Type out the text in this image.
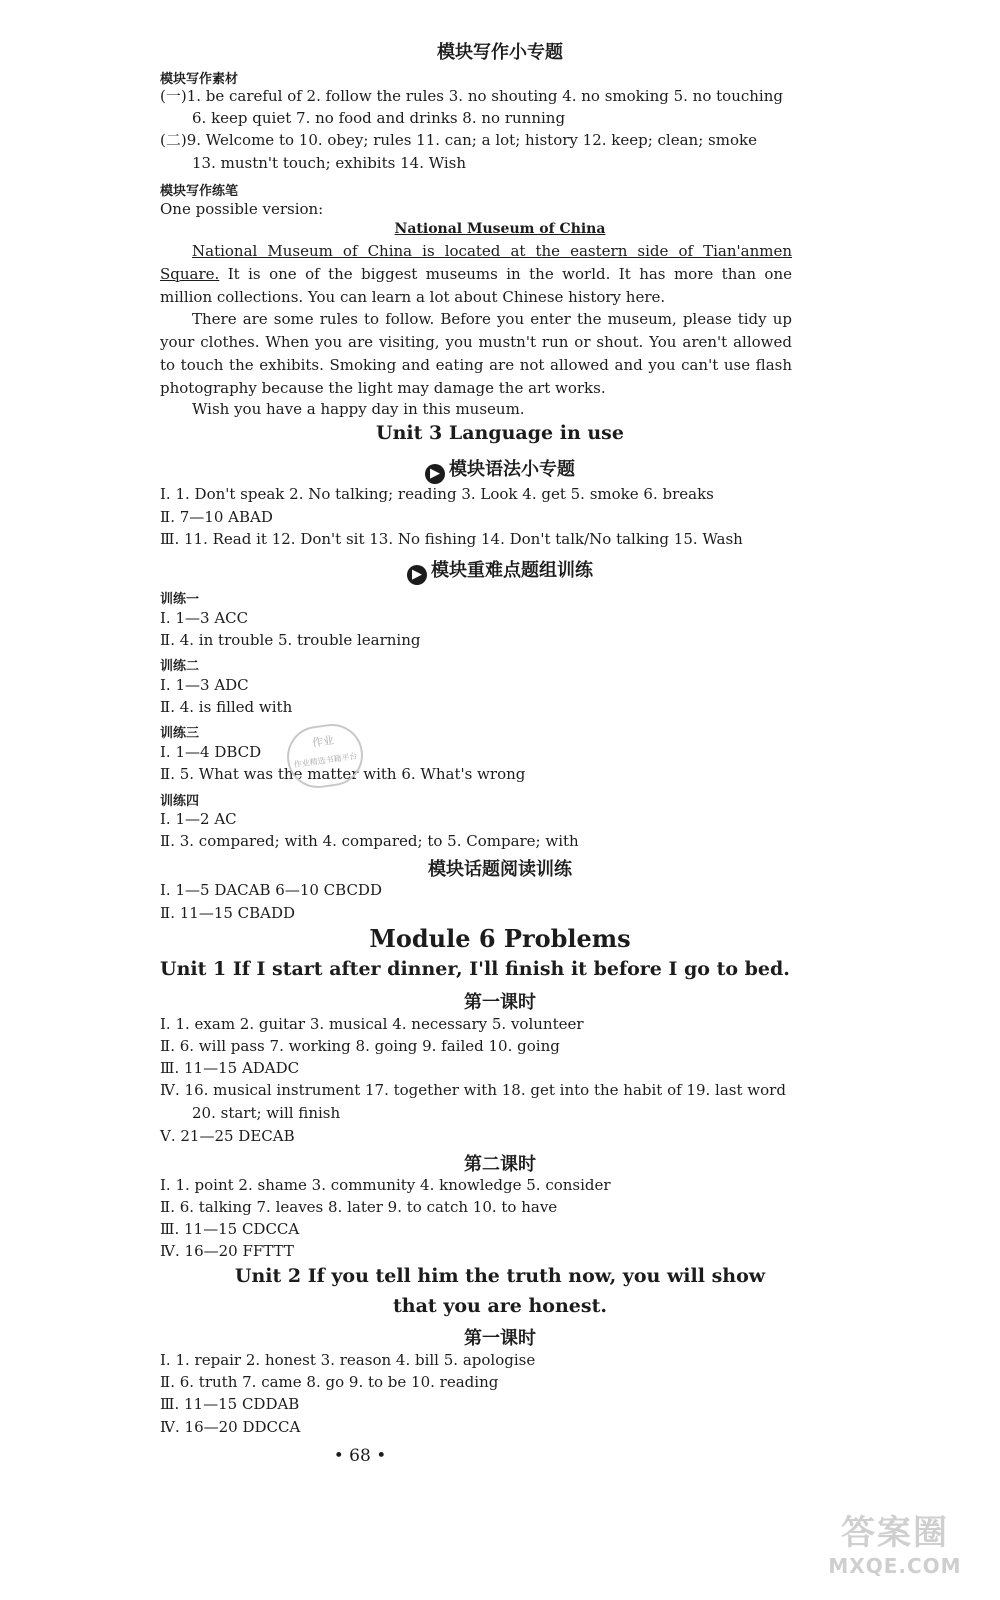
模块写作小专题
模块写作素材
(一)1. be careful of 2. follow the rules 3. no shouting 4. no smoking 5. no touching
6. keep quiet 7. no food and drinks 8. no running
(二)9. Welcome to 10. obey; rules 11. can; a lot; history 12. keep; clean; smoke
13. mustn't touch; exhibits 14. Wish
模块写作练笔
One possible version:
National Museum of China
National Museum of China is located at the eastern side of Tian'anmen Square. It is one of the biggest museums in the world. It has more than one million collections. You can learn a lot about Chinese history here.
There are some rules to follow. Before you enter the museum, please tidy up your clothes. When you are visiting, you mustn't run or shout. You aren't allowed to touch the exhibits. Smoking and eating are not allowed and you can't use flash photography because the light may damage the art works.
Wish you have a happy day in this museum.
Unit 3 Language in use
▶ 模块语法小专题
Ⅰ. 1. Don't speak 2. No talking; reading 3. Look 4. get 5. smoke 6. breaks
Ⅱ. 7—10 ABAD
Ⅲ. 11. Read it 12. Don't sit 13. No fishing 14. Don't talk/No talking 15. Wash
▶ 模块重难点题组训练
训练一
Ⅰ. 1—3 ACC
Ⅱ. 4. in trouble 5. trouble learning
训练二
Ⅰ. 1—3 ADC
Ⅱ. 4. is filled with
训练三
Ⅰ. 1—4 DBCD
Ⅱ. 5. What was the matter with 6. What's wrong
训练四
Ⅰ. 1—2 AC
Ⅱ. 3. compared; with 4. compared; to 5. Compare; with
模块话题阅读训练
Ⅰ. 1—5 DACAB 6—10 CBCDD
Ⅱ. 11—15 CBADD
Module 6 Problems
Unit 1 If I start after dinner, I'll finish it before I go to bed.
第一课时
Ⅰ. 1. exam 2. guitar 3. musical 4. necessary 5. volunteer
Ⅱ. 6. will pass 7. working 8. going 9. failed 10. going
Ⅲ. 11—15 ADADC
Ⅳ. 16. musical instrument 17. together with 18. get into the habit of 19. last word
20. start; will finish
Ⅴ. 21—25 DECAB
第二课时
Ⅰ. 1. point 2. shame 3. community 4. knowledge 5. consider
Ⅱ. 6. talking 7. leaves 8. later 9. to catch 10. to have
Ⅲ. 11—15 CDCCA
Ⅳ. 16—20 FFTTT
Unit 2 If you tell him the truth now, you will show
that you are honest.
第一课时
Ⅰ. 1. repair 2. honest 3. reason 4. bill 5. apologise
Ⅱ. 6. truth 7. came 8. go 9. to be 10. reading
Ⅲ. 11—15 CDDAB
Ⅳ. 16—20 DDCCA
• 68 •
作业
作业精选书籍平台
答案圈
MXQE.COM
